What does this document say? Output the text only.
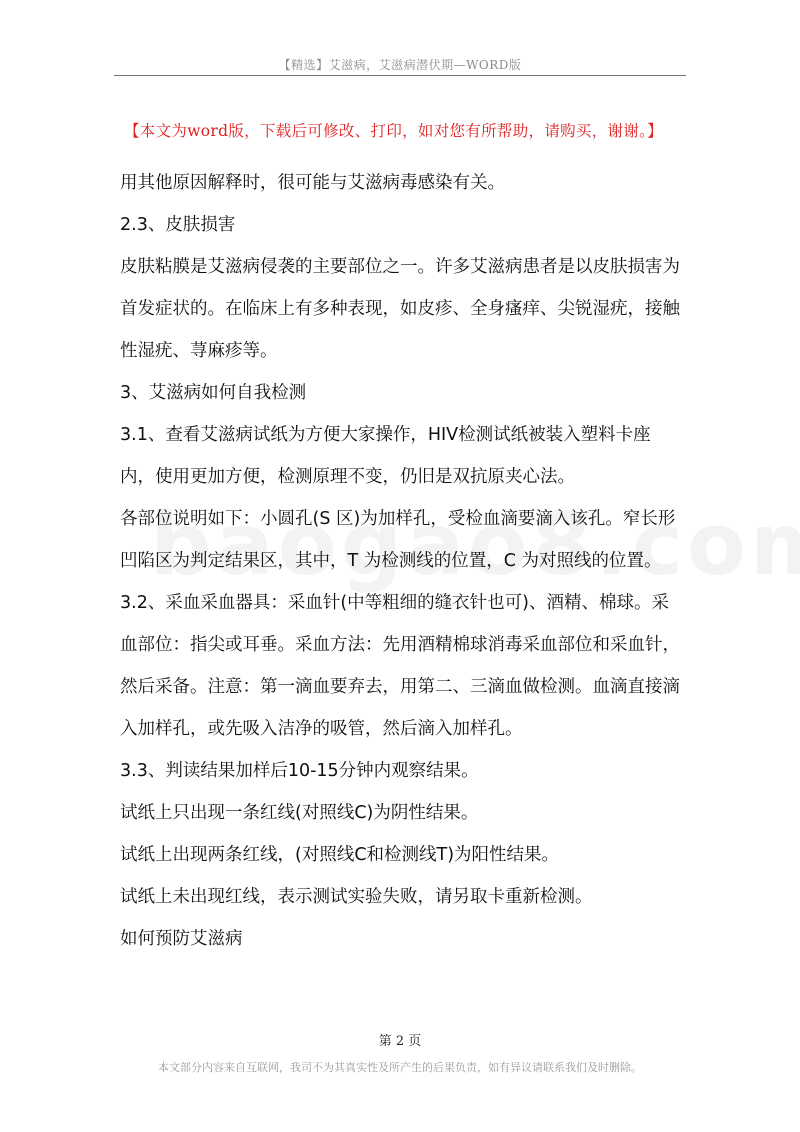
【精选】艾滋病，艾滋病潜伏期—WORD版
【本文为word版，下载后可修改、打印，如对您有所帮助，请购买，谢谢。】

用其他原因解释时，很可能与艾滋病毒感染有关。

2.3、皮肤损害

皮肤粘膜是艾滋病侵袭的主要部位之一。许多艾滋病患者是以皮肤损害为首发症状的。在临床上有多种表现，如皮疹、全身瘙痒、尖锐湿疣，接触性湿疣、荨麻疹等。

3、艾滋病如何自我检测

3.1、查看艾滋病试纸为方便大家操作，HIV检测试纸被装入塑料卡座内，使用更加方便，检测原理不变，仍旧是双抗原夹心法。

各部位说明如下：小圆孔(S 区)为加样孔，受检血滴要滴入该孔。窄长形凹陷区为判定结果区，其中，T 为检测线的位置，C 为对照线的位置。

3.2、采血采血器具：采血针(中等粗细的缝衣针也可)、酒精、棉球。采血部位：指尖或耳垂。采血方法：先用酒精棉球消毒采血部位和采血针，然后采备。注意：第一滴血要弃去，用第二、三滴血做检测。血滴直接滴入加样孔，或先吸入洁净的吸管，然后滴入加样孔。

3.3、判读结果加样后10-15分钟内观察结果。

试纸上只出现一条红线(对照线C)为阴性结果。

试纸上出现两条红线，(对照线C和检测线T)为阳性结果。

试纸上未出现红线，表示测试实验失败，请另取卡重新检测。

如何预防艾滋病

第 2 页
本文部分内容来自互联网，我司不为其真实性及所产生的后果负责，如有异议请联系我们及时删除。
